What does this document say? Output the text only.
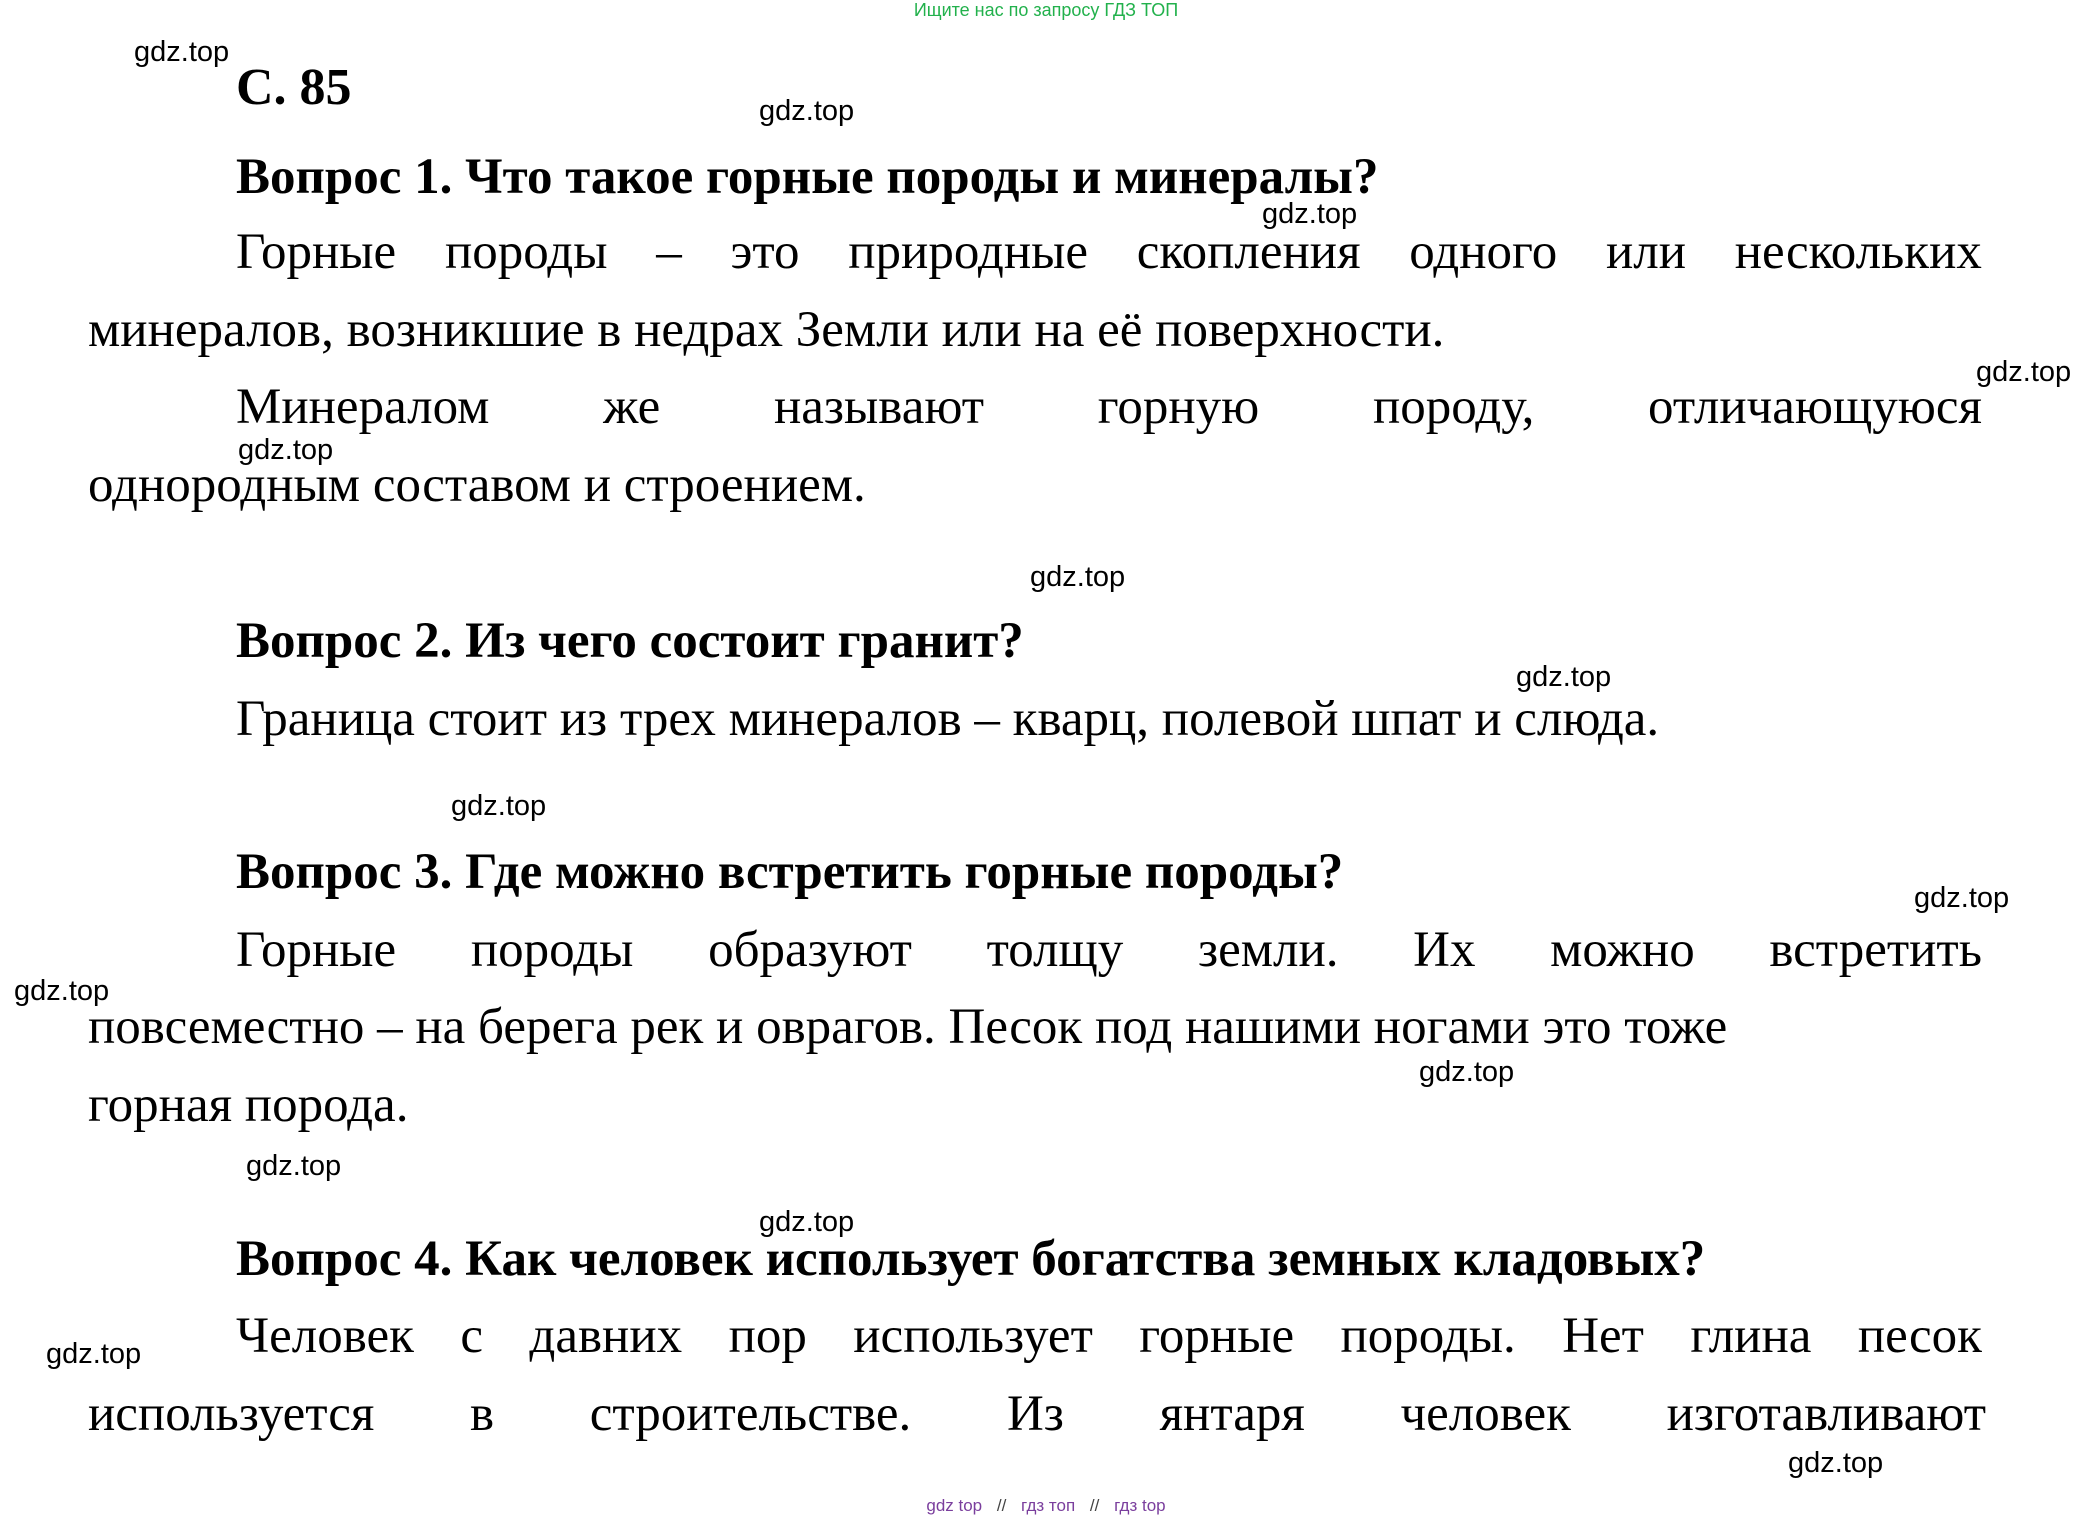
Ищите нас по запросу ГДЗ ТОП
С. 85
Вопрос 1. Что такое горные породы и минералы?
Горные породы – это природные скопления одного или нескольких
минералов, возникшие в недрах Земли или на её поверхности.
Минералом же называют горную породу, отличающуюся
однородным составом и строением.
Вопрос 2. Из чего состоит гранит?
Граница стоит из трех минералов – кварц, полевой шпат и слюда.
Вопрос 3. Где можно встретить горные породы?
Горные породы образуют толщу земли. Их можно встретить
повсеместно – на берега рек и оврагов. Песок под нашими ногами это тоже
горная порода.
Вопрос 4. Как человек использует богатства земных кладовых?
Человек с давних пор использует горные породы. Нет глина песок
используется в строительстве. Из янтаря человек изготавливают
gdz.top
gdz.top
gdz.top
gdz.top
gdz.top
gdz.top
gdz.top
gdz.top
gdz.top
gdz.top
gdz.top
gdz.top
gdz.top
gdz.top
gdz.top
gdz top // гдз топ // гдз top
